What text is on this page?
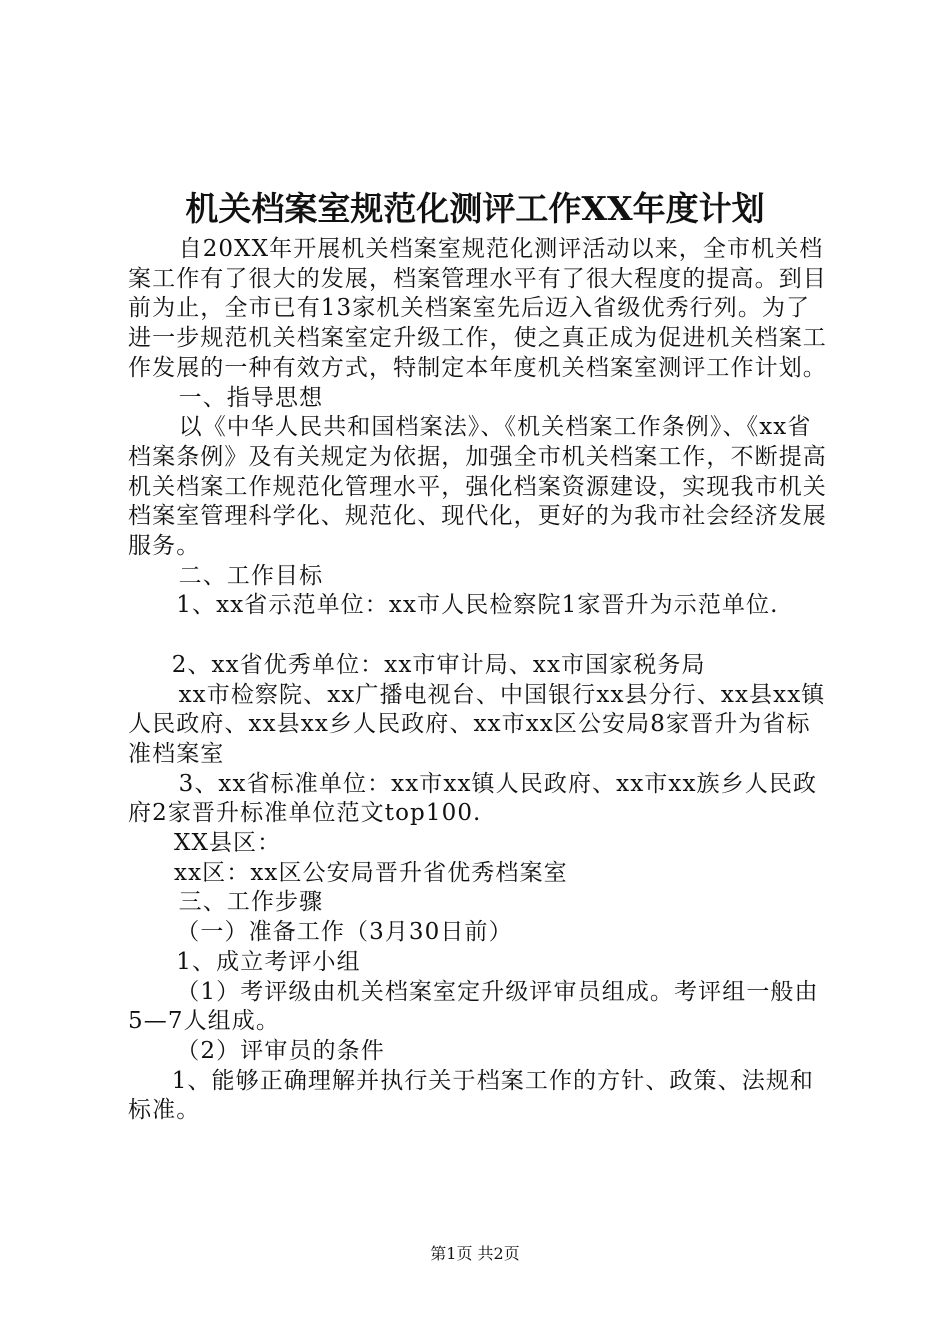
机关档案室规范化测评工作XX年度计划

自20XX年开展机关档案室规范化测评活动以来，全市机关档案工作有了很大的发展，档案管理水平有了很大程度的提高。到目前为止，全市已有13家机关档案室先后迈入省级优秀行列。为了进一步规范机关档案室定升级工作，使之真正成为促进机关档案工作发展的一种有效方式，特制定本年度机关档案室测评工作计划。

一、指导思想

以《中华人民共和国档案法》、《机关档案工作条例》、《xx省档案条例》及有关规定为依据，加强全市机关档案工作，不断提高机关档案工作规范化管理水平，强化档案资源建设，实现我市机关档案室管理科学化、规范化、现代化，更好的为我市社会经济发展服务。

二、工作目标

1、xx省示范单位：xx市人民检察院1家晋升为示范单位.

2、xx省优秀单位：xx市审计局、xx市国家税务局

xx市检察院、xx广播电视台、中国银行xx县分行、xx县xx镇人民政府、xx县xx乡人民政府、xx市xx区公安局8家晋升为省标准档案室

3、xx省标准单位：xx市xx镇人民政府、xx市xx族乡人民政府2家晋升标准单位范文top100.

XX县区：

xx区：xx区公安局晋升省优秀档案室

三、工作步骤

（一）准备工作（3月30日前）

1、成立考评小组

（1）考评级由机关档案室定升级评审员组成。考评组一般由5—7人组成。

（2）评审员的条件

1、能够正确理解并执行关于档案工作的方针、政策、法规和标准。

第1页 共2页
